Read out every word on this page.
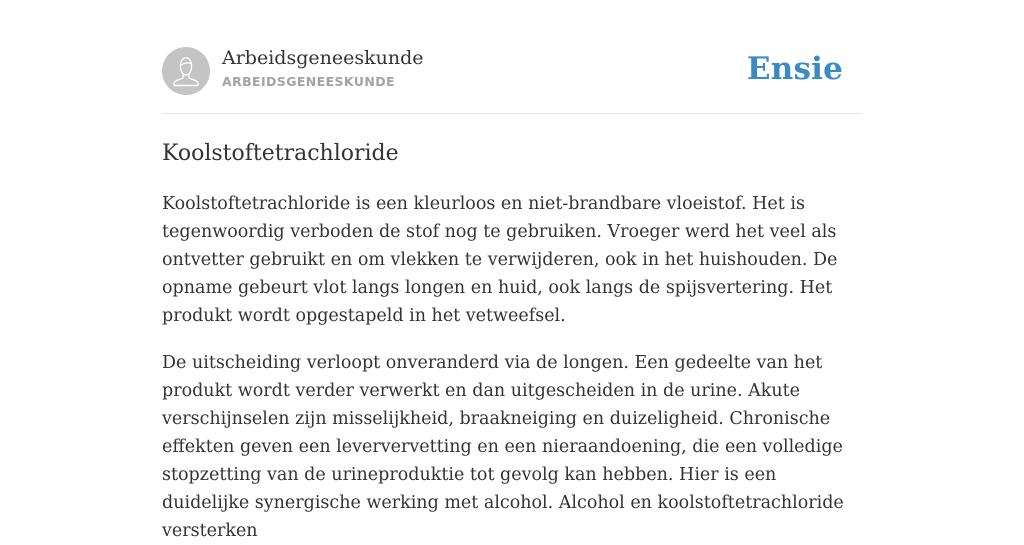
Arbeidsgeneeskunde
ARBEIDSGENEESKUNDE	Ensie
Koolstoftetrachloride

Koolstoftetrachloride is een kleurloos en niet-brandbare vloeistof. Het is tegenwoordig verboden de stof nog te gebruiken. Vroeger werd het veel als ontvetter gebruikt en om vlekken te verwijderen, ook in het huishouden. De opname gebeurt vlot langs longen en huid, ook langs de spijsvertering. Het produkt wordt opgestapeld in het vetweefsel.

De uitscheiding verloopt onveranderd via de longen. Een gedeelte van het produkt wordt verder verwerkt en dan uitgescheiden in de urine. Akute verschijnselen zijn misselijkheid, braakneiging en duizeligheid. Chronische effekten geven een leververvetting en een nieraandoening, die een volledige stopzetting van de urineproduktie tot gevolg kan hebben. Hier is een duidelijke synergische werking met alcohol. Alcohol en koolstoftetrachloride versterken
